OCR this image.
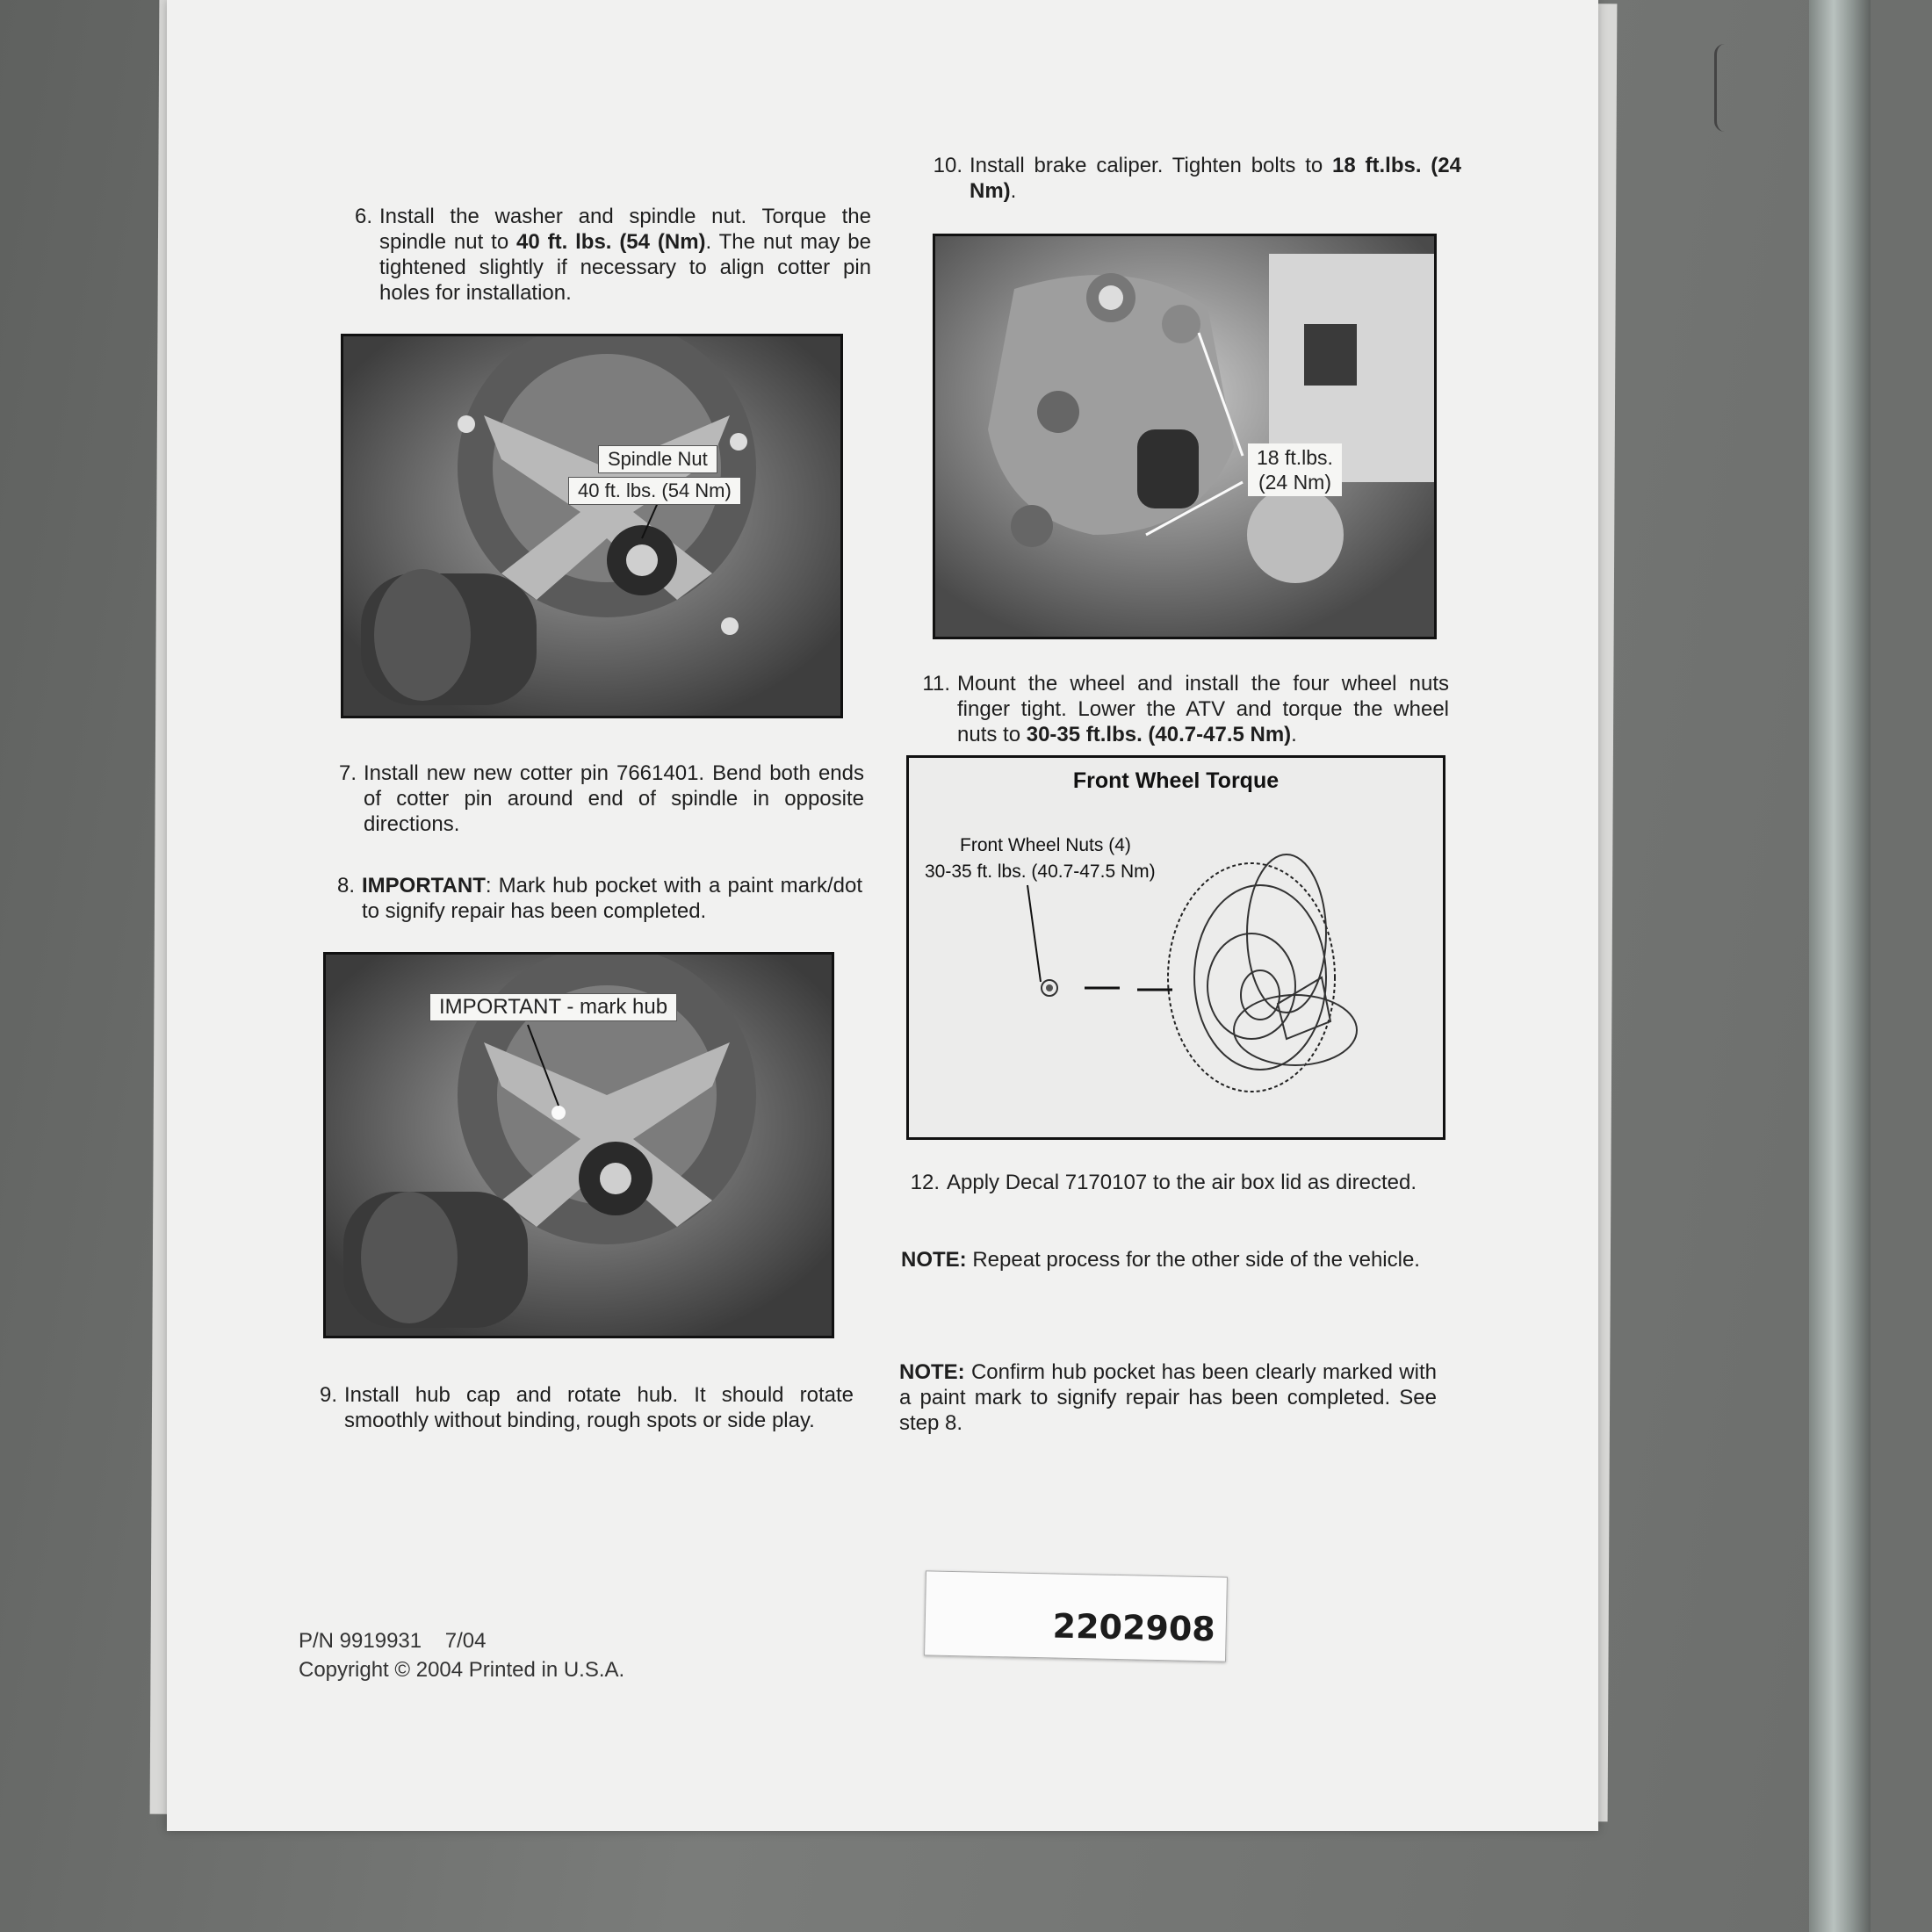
6. Install the washer and spindle nut. Torque the spindle nut to 40 ft. lbs. (54 (Nm). The nut may be tightened slightly if necessary to align cotter pin holes for installation.
Spindle Nut
40 ft. lbs. (54 Nm)
7. Install new new cotter pin 7661401. Bend both ends of cotter pin around end of spindle in opposite directions.
8. IMPORTANT: Mark hub pocket with a paint mark/dot to signify repair has been completed.
IMPORTANT - mark hub
9. Install hub cap and rotate hub. It should rotate smoothly without binding, rough spots or side play.
10. Install brake caliper. Tighten bolts to 18 ft.lbs. (24 Nm).
18 ft.lbs.
(24 Nm)
11. Mount the wheel and install the four wheel nuts finger tight. Lower the ATV and torque the wheel nuts to 30-35 ft.lbs. (40.7-47.5 Nm).
Front Wheel Torque
Front Wheel Nuts (4)
30-35 ft. lbs. (40.7-47.5 Nm)
12. Apply Decal 7170107 to the air box lid as directed.
NOTE: Repeat process for the other side of the vehicle.
NOTE: Confirm hub pocket has been clearly marked with a paint mark to signify repair has been completed. See step 8.
P/N 9919931    7/04
Copyright © 2004 Printed in U.S.A.
2202908
